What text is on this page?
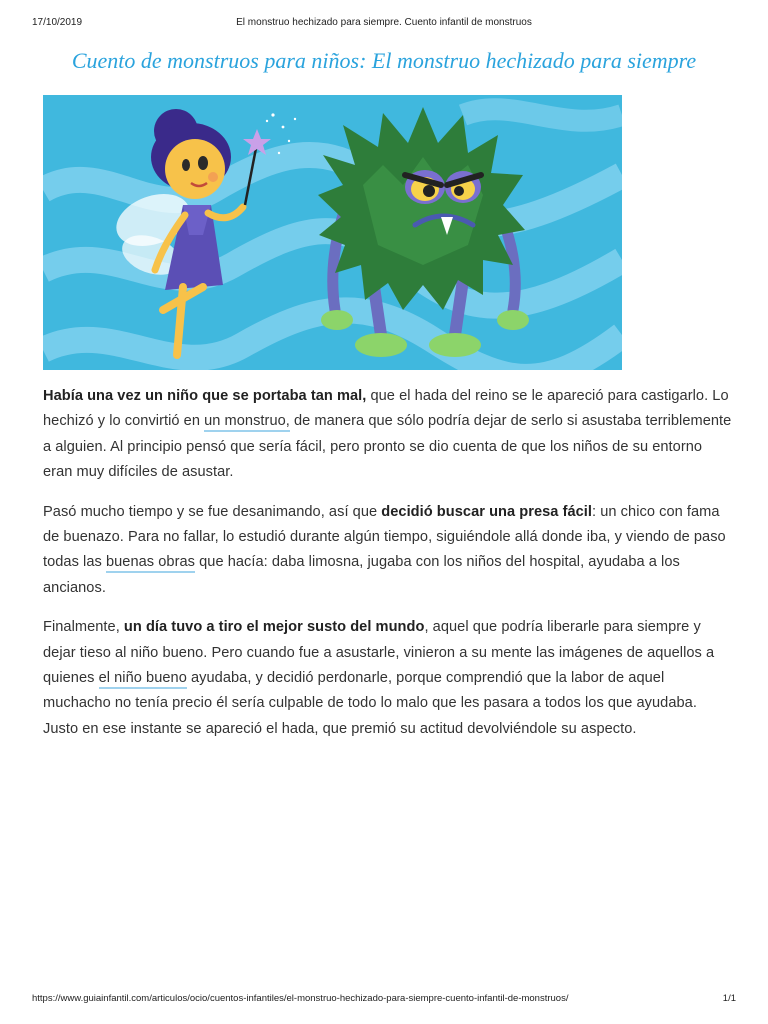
17/10/2019	El monstruo hechizado para siempre. Cuento infantil de monstruos
Cuento de monstruos para niños: El monstruo hechizado para siempre

Había una vez un niño que se portaba tan mal, que el hada del reino se le apareció para castigarlo. Lo hechizó y lo convirtió en un monstruo, de manera que sólo podría dejar de serlo si asustaba terriblemente a alguien. Al principio pensó que sería fácil, pero pronto se dio cuenta de que los niños de su entorno eran muy difíciles de asustar.

Pasó mucho tiempo y se fue desanimando, así que decidió buscar una presa fácil: un chico con fama de buenazo. Para no fallar, lo estudió durante algún tiempo, siguiéndole allá donde iba, y viendo de paso todas las buenas obras que hacía: daba limosna, jugaba con los niños del hospital, ayudaba a los ancianos.

Finalmente, un día tuvo a tiro el mejor susto del mundo, aquel que podría liberarle para siempre y dejar tieso al niño bueno. Pero cuando fue a asustarle, vinieron a su mente las imágenes de aquellos a quienes el niño bueno ayudaba, y decidió perdonarle, porque comprendió que la labor de aquel muchacho no tenía precio él sería culpable de todo lo malo que les pasara a todos los que ayudaba. Justo en ese instante se apareció el hada, que premió su actitud devolviéndole su aspecto.

https://www.guiainfantil.com/articulos/ocio/cuentos-infantiles/el-monstruo-hechizado-para-siempre-cuento-infantil-de-monstruos/	1/1
